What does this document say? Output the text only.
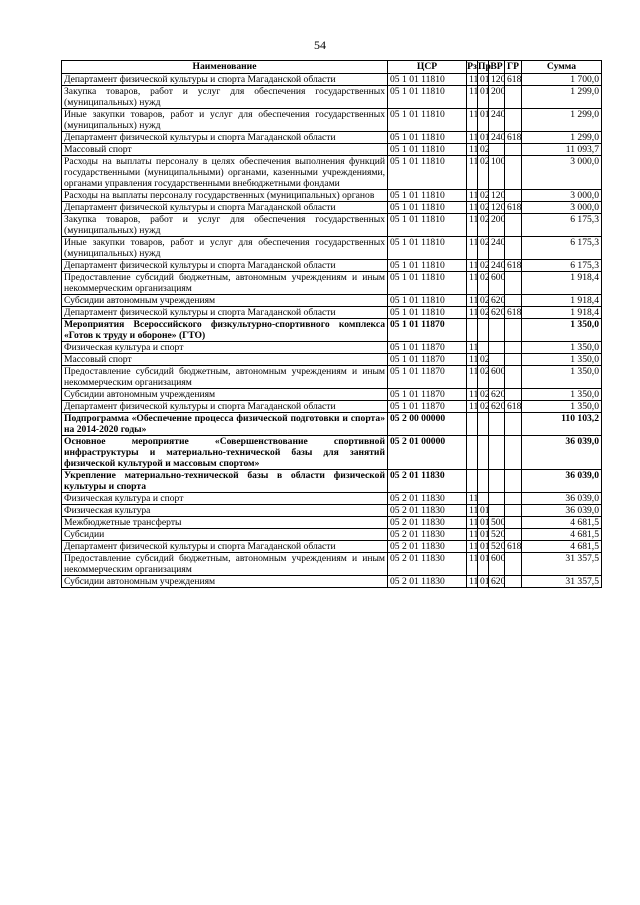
54
Наименование	ЦСР	Рз	Пр	ВР	ГР	Сумма
Департамент физической культуры и спорта Магаданской области	05 1 01 11810	11	01	120	618	1 700,0
Закупка товаров, работ и услуг для обеспечения государственных (муниципальных) нужд	05 1 01 11810	11	01	200		1 299,0
Иные закупки товаров, работ и услуг для обеспечения государственных (муниципальных) нужд	05 1 01 11810	11	01	240		1 299,0
Департамент физической культуры и спорта Магаданской области	05 1 01 11810	11	01	240	618	1 299,0
Массовый спорт	05 1 01 11810	11	02			11 093,7
Расходы на выплаты персоналу в целях обеспечения выполнения функций государственными (муниципальными) органами, казенными учреждениями, органами управления государственными внебюджетными фондами	05 1 01 11810	11	02	100		3 000,0
Расходы на выплаты персоналу государственных (муниципальных) органов	05 1 01 11810	11	02	120		3 000,0
Департамент физической культуры и спорта Магаданской области	05 1 01 11810	11	02	120	618	3 000,0
Закупка товаров, работ и услуг для обеспечения государственных (муниципальных) нужд	05 1 01 11810	11	02	200		6 175,3
Иные закупки товаров, работ и услуг для обеспечения государственных (муниципальных) нужд	05 1 01 11810	11	02	240		6 175,3
Департамент физической культуры и спорта Магаданской области	05 1 01 11810	11	02	240	618	6 175,3
Предоставление субсидий бюджетным, автономным учреждениям и иным некоммерческим организациям	05 1 01 11810	11	02	600		1 918,4
Субсидии автономным учреждениям	05 1 01 11810	11	02	620		1 918,4
Департамент физической культуры и спорта Магаданской области	05 1 01 11810	11	02	620	618	1 918,4
Мероприятия Всероссийского физкультурно-спортивного комплекса «Готов к труду и обороне» (ГТО)	05 1 01 11870					1 350,0
Физическая культура и спорт	05 1 01 11870	11				1 350,0
Массовый спорт	05 1 01 11870	11	02			1 350,0
Предоставление субсидий бюджетным, автономным учреждениям и иным некоммерческим организациям	05 1 01 11870	11	02	600		1 350,0
Субсидии автономным учреждениям	05 1 01 11870	11	02	620		1 350,0
Департамент физической культуры и спорта Магаданской области	05 1 01 11870	11	02	620	618	1 350,0
Подпрограмма «Обеспечение процесса физической подготовки и спорта» на 2014-2020 годы»	05 2 00 00000					110 103,2
Основное мероприятие «Совершенствование спортивной инфраструктуры и материально-технической базы для занятий физической культурой и массовым спортом»	05 2 01 00000					36 039,0
Укрепление материально-технической базы в области физической культуры и спорта	05 2 01 11830					36 039,0
Физическая культура и спорт	05 2 01 11830	11				36 039,0
Физическая культура	05 2 01 11830	11	01			36 039,0
Межбюджетные трансферты	05 2 01 11830	11	01	500		4 681,5
Субсидии	05 2 01 11830	11	01	520		4 681,5
Департамент физической культуры и спорта Магаданской области	05 2 01 11830	11	01	520	618	4 681,5
Предоставление субсидий бюджетным, автономным учреждениям и иным некоммерческим организациям	05 2 01 11830	11	01	600		31 357,5
Субсидии автономным учреждениям	05 2 01 11830	11	01	620		31 357,5
